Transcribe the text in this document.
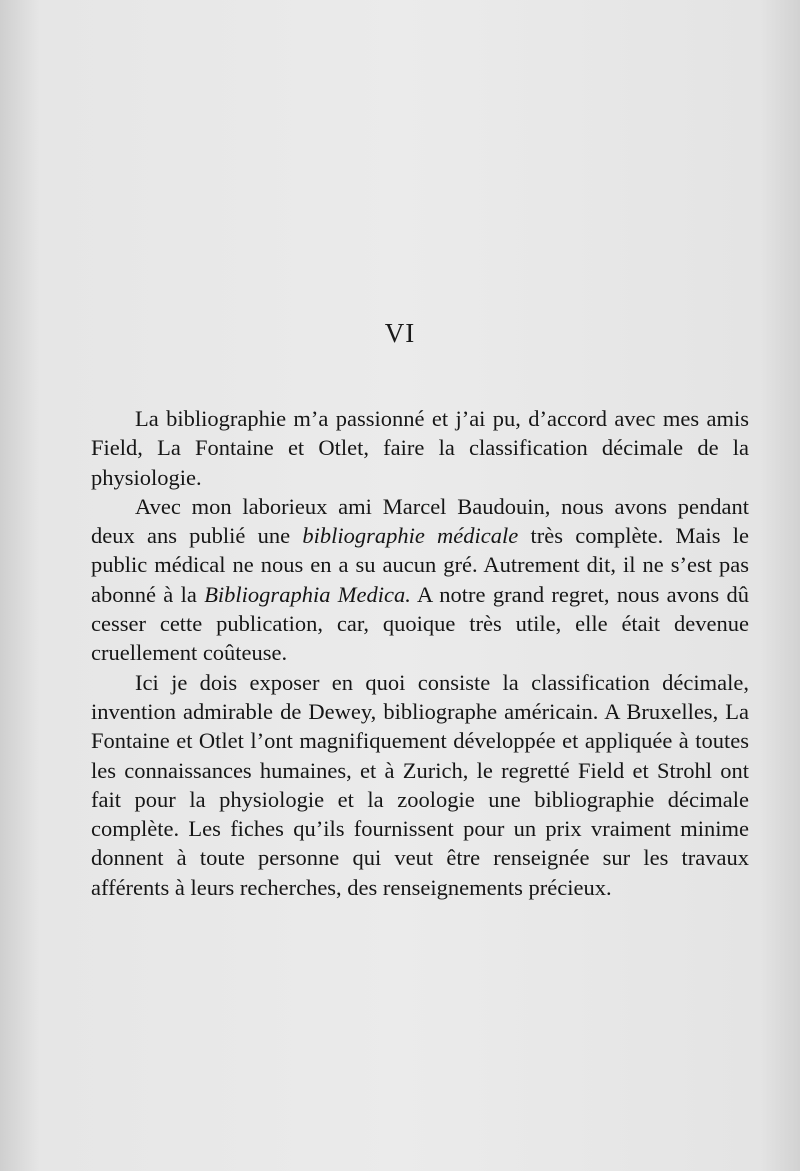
VI

La bibliographie m’a passionné et j’ai pu, d’accord avec mes amis Field, La Fontaine et Otlet, faire la classification décimale de la physiologie.

Avec mon laborieux ami Marcel Baudouin, nous avons pendant deux ans publié une bibliographie médicale très complète. Mais le public médical ne nous en a su aucun gré. Autrement dit, il ne s’est pas abonné à la Bibliographia Medica. A notre grand regret, nous avons dû cesser cette publication, car, quoique très utile, elle était devenue cruellement coûteuse.

Ici je dois exposer en quoi consiste la classification décimale, invention admirable de Dewey, bibliographe américain. A Bruxelles, La Fontaine et Otlet l’ont magnifiquement développée et appliquée à toutes les connaissances humaines, et à Zurich, le regretté Field et Strohl ont fait pour la physiologie et la zoologie une bibliographie décimale complète. Les fiches qu’ils fournissent pour un prix vraiment minime donnent à toute personne qui veut être renseignée sur les travaux afférents à leurs recherches, des renseignements précieux.
